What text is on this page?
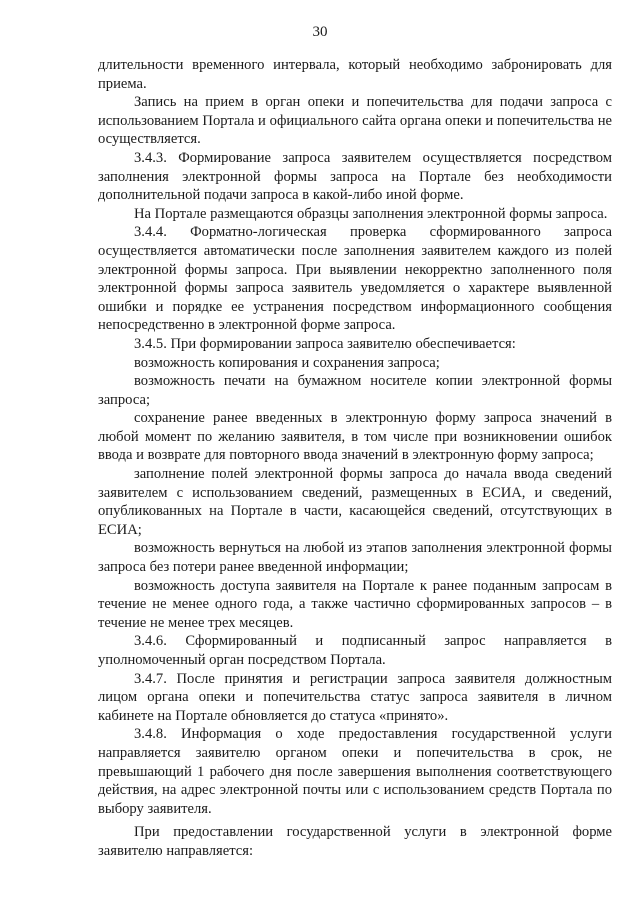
30

длительности временного интервала, который необходимо забронировать для приема.

Запись на прием в орган опеки и попечительства для подачи запроса с использованием Портала и официального сайта органа опеки и попечительства не осуществляется.

3.4.3. Формирование запроса заявителем осуществляется посредством заполнения электронной формы запроса на Портале без необходимости дополнительной подачи запроса в какой-либо иной форме.

На Портале размещаются образцы заполнения электронной формы запроса.

3.4.4. Форматно-логическая проверка сформированного запроса осуществляется автоматически после заполнения заявителем каждого из полей электронной формы запроса. При выявлении некорректно заполненного поля электронной формы запроса заявитель уведомляется о характере выявленной ошибки и порядке ее устранения посредством информационного сообщения непосредственно в электронной форме запроса.

3.4.5. При формировании запроса заявителю обеспечивается:

возможность копирования и сохранения запроса;

возможность печати на бумажном носителе копии электронной формы запроса;

сохранение ранее введенных в электронную форму запроса значений в любой момент по желанию заявителя, в том числе при возникновении ошибок ввода и возврате для повторного ввода значений в электронную форму запроса;

заполнение полей электронной формы запроса до начала ввода сведений заявителем с использованием сведений, размещенных в ЕСИА, и сведений, опубликованных на Портале в части, касающейся сведений, отсутствующих в ЕСИА;

возможность вернуться на любой из этапов заполнения электронной формы запроса без потери ранее введенной информации;

возможность доступа заявителя на Портале к ранее поданным запросам в течение не менее одного года, а также частично сформированных запросов – в течение не менее трех месяцев.

3.4.6. Сформированный и подписанный запрос направляется в уполномоченный орган посредством Портала.

3.4.7. После принятия и регистрации запроса заявителя должностным лицом органа опеки и попечительства статус запроса заявителя в личном кабинете на Портале обновляется до статуса «принято».

3.4.8. Информация о ходе предоставления государственной услуги направляется заявителю органом опеки и попечительства в срок, не превышающий 1 рабочего дня после завершения выполнения соответствующего действия, на адрес электронной почты или с использованием средств Портала по выбору заявителя.

При предоставлении государственной услуги в электронной форме заявителю направляется:
